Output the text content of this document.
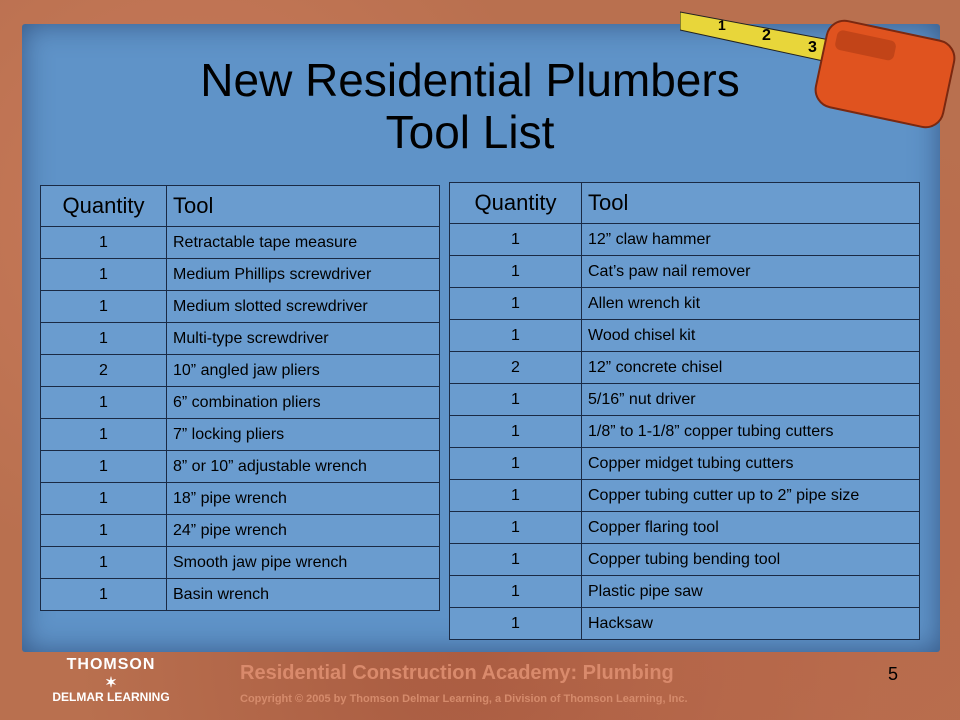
1
2
3
New Residential Plumbers
Tool List
Quantity	Tool
1	Retractable tape measure
1	Medium Phillips screwdriver
1	Medium slotted screwdriver
1	Multi-type screwdriver
2	10” angled jaw pliers
1	6” combination pliers
1	7” locking pliers
1	8” or 10” adjustable wrench
1	18” pipe wrench
1	24” pipe wrench
1	Smooth jaw pipe wrench
1	Basin wrench
Quantity	Tool
1	12” claw hammer
1	Cat’s paw nail remover
1	Allen wrench kit
1	Wood chisel kit
2	12” concrete chisel
1	5/16” nut driver
1	1/8” to 1-1/8” copper tubing cutters
1	Copper midget tubing cutters
1	Copper tubing cutter up to 2” pipe size
1	Copper flaring tool
1	Copper tubing bending tool
1	Plastic pipe saw
1	Hacksaw
THOMSON
✶
DELMAR LEARNING
Residential Construction Academy: Plumbing
Copyright © 2005 by Thomson Delmar Learning, a Division of Thomson Learning, Inc.
5
